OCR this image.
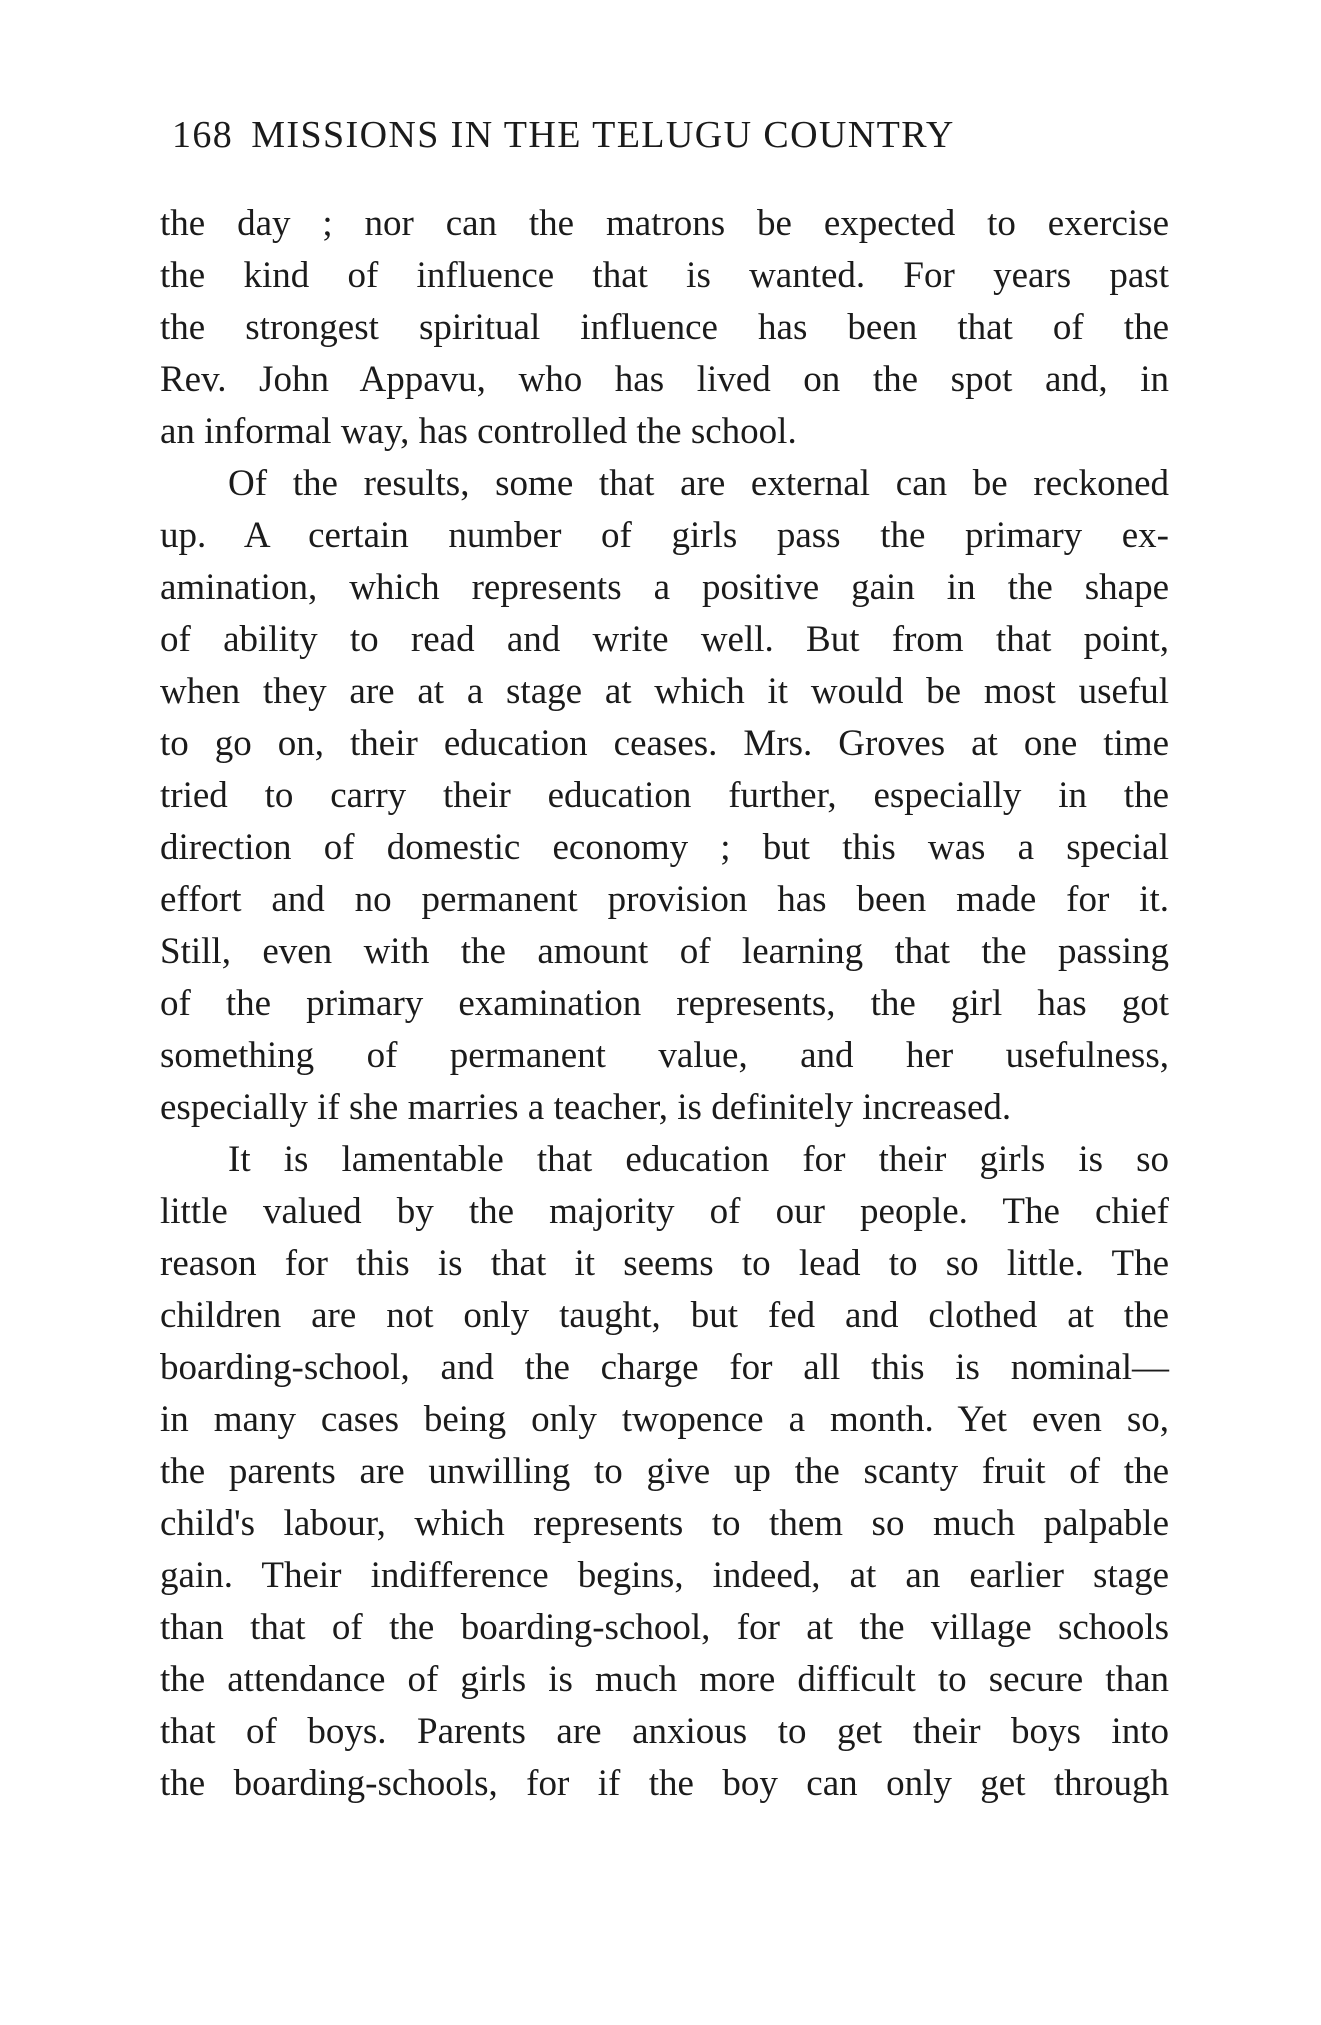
168 MISSIONS IN THE TELUGU COUNTRY
the day ; nor can the matrons be expected to exercise
the kind of influence that is wanted. For years past
the strongest spiritual influence has been that of the
Rev. John Appavu, who has lived on the spot and, in
an informal way, has controlled the school.
Of the results, some that are external can be reckoned
up. A certain number of girls pass the primary ex-
amination, which represents a positive gain in the shape
of ability to read and write well. But from that point,
when they are at a stage at which it would be most useful
to go on, their education ceases. Mrs. Groves at one time
tried to carry their education further, especially in the
direction of domestic economy ; but this was a special
effort and no permanent provision has been made for it.
Still, even with the amount of learning that the passing
of the primary examination represents, the girl has got
something of permanent value, and her usefulness,
especially if she marries a teacher, is definitely increased.
It is lamentable that education for their girls is so
little valued by the majority of our people. The chief
reason for this is that it seems to lead to so little. The
children are not only taught, but fed and clothed at the
boarding-school, and the charge for all this is nominal—
in many cases being only twopence a month. Yet even so,
the parents are unwilling to give up the scanty fruit of the
child's labour, which represents to them so much palpable
gain. Their indifference begins, indeed, at an earlier stage
than that of the boarding-school, for at the village schools
the attendance of girls is much more difficult to secure than
that of boys. Parents are anxious to get their boys into
the boarding-schools, for if the boy can only get through
